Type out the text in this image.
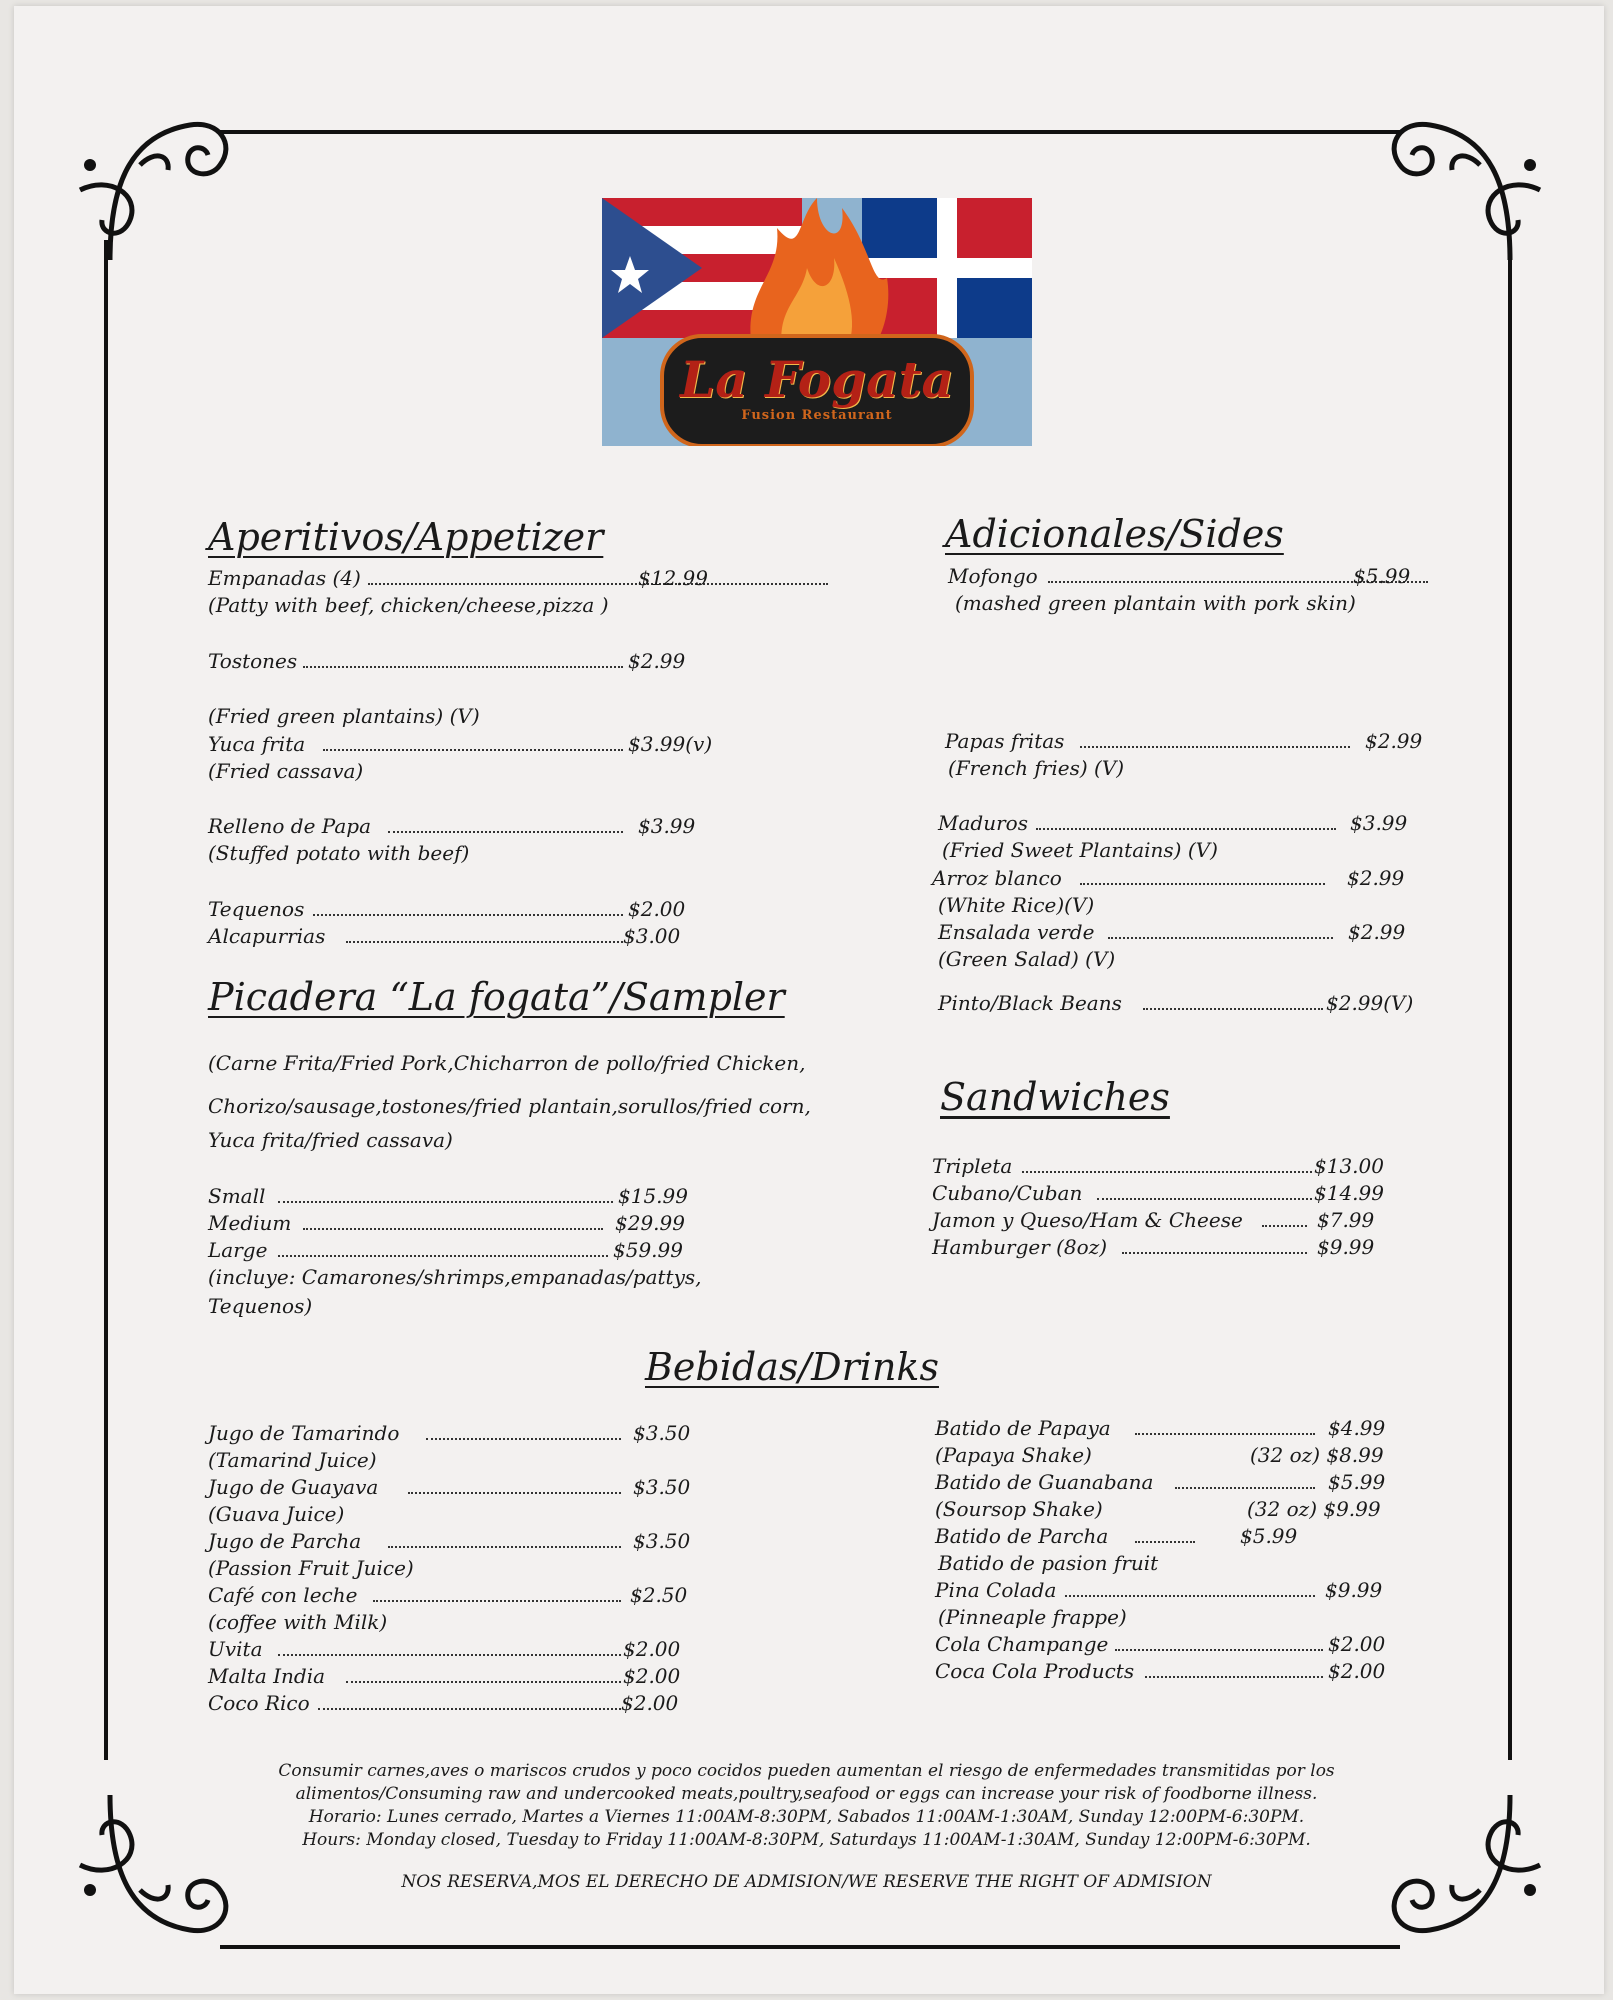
La Fogata
Fusion Restaurant
Aperitivos/Appetizer
Empanadas (4)	$12.99
(Patty with beef, chicken/cheese,pizza )
Tostones	$2.99
(Fried green plantains) (V)
Yuca frita	$3.99(v)
(Fried cassava)
Relleno de Papa	$3.99
(Stuffed potato with beef)
Tequenos	$2.00
Alcapurrias	$3.00
Picadera “La fogata”/Sampler
(Carne Frita/Fried Pork,Chicharron de pollo/fried Chicken,
Chorizo/sausage,tostones/fried plantain,sorullos/fried corn,
Yuca frita/fried cassava)
Small	$15.99
Medium	$29.99
Large	$59.99
(incluye: Camarones/shrimps,empanadas/pattys,
Tequenos)
Adicionales/Sides
Mofongo	$5.99
(mashed green plantain with pork skin)
Papas fritas	$2.99
(French fries) (V)
Maduros	$3.99
(Fried Sweet Plantains) (V)
Arroz blanco	$2.99
(White Rice)(V)
Ensalada verde	$2.99
(Green Salad) (V)
Pinto/Black Beans	$2.99(V)
Sandwiches
Tripleta	$13.00
Cubano/Cuban	$14.99
Jamon y Queso/Ham & Cheese	$7.99
Hamburger (8oz)	$9.99
Bebidas/Drinks
Jugo de Tamarindo	$3.50
(Tamarind Juice)
Jugo de Guayava	$3.50
(Guava Juice)
Jugo de Parcha	$3.50
(Passion Fruit Juice)
Café con leche	$2.50
(coffee with Milk)
Uvita	$2.00
Malta India	$2.00
Coco Rico	$2.00
Batido de Papaya	$4.99
(Papaya Shake)	(32 oz) $8.99
Batido de Guanabana	$5.99
(Soursop Shake)	(32 oz) $9.99
Batido de Parcha	$5.99
Batido de pasion fruit
Pina Colada	$9.99
(Pinneaple frappe)
Cola Champange	$2.00
Coca Cola Products	$2.00
Consumir carnes,aves o mariscos crudos y poco cocidos pueden aumentan el riesgo de enfermedades transmitidas por los
alimentos/Consuming raw and undercooked meats,poultry,seafood or eggs can increase your risk of foodborne illness.
Horario: Lunes cerrado, Martes a Viernes 11:00AM-8:30PM, Sabados 11:00AM-1:30AM, Sunday 12:00PM-6:30PM.
Hours: Monday closed, Tuesday to Friday 11:00AM-8:30PM, Saturdays 11:00AM-1:30AM, Sunday 12:00PM-6:30PM.
NOS RESERVA,MOS EL DERECHO DE ADMISION/WE RESERVE THE RIGHT OF ADMISION
